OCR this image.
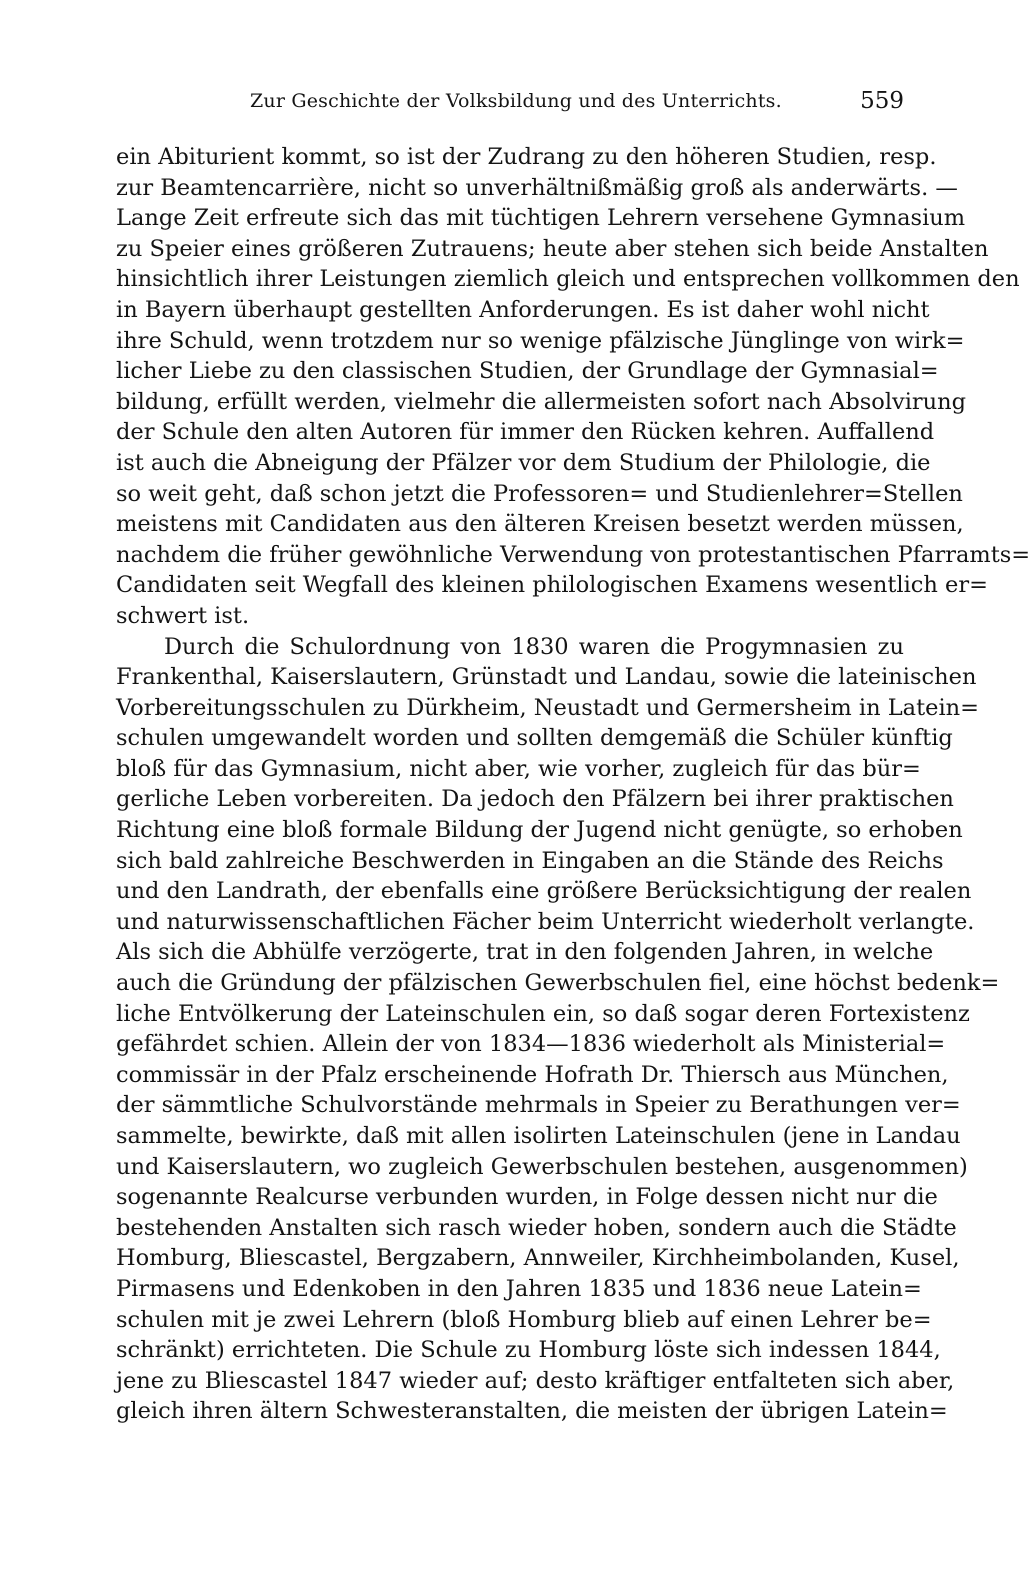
Zur Geschichte der Volksbildung und des Unterrichts.	559
ein Abiturient kommt, so ist der Zudrang zu den höheren Studien, resp.
zur Beamtencarrière, nicht so unverhältnißmäßig groß als anderwärts. —
Lange Zeit erfreute sich das mit tüchtigen Lehrern versehene Gymnasium
zu Speier eines größeren Zutrauens; heute aber stehen sich beide Anstalten
hinsichtlich ihrer Leistungen ziemlich gleich und entsprechen vollkommen den
in Bayern überhaupt gestellten Anforderungen. Es ist daher wohl nicht
ihre Schuld, wenn trotzdem nur so wenige pfälzische Jünglinge von wirk=
licher Liebe zu den classischen Studien, der Grundlage der Gymnasial=
bildung, erfüllt werden, vielmehr die allermeisten sofort nach Absolvirung
der Schule den alten Autoren für immer den Rücken kehren. Auffallend
ist auch die Abneigung der Pfälzer vor dem Studium der Philologie, die
so weit geht, daß schon jetzt die Professoren= und Studienlehrer=Stellen
meistens mit Candidaten aus den älteren Kreisen besetzt werden müssen,
nachdem die früher gewöhnliche Verwendung von protestantischen Pfarramts=
Candidaten seit Wegfall des kleinen philologischen Examens wesentlich er=
schwert ist.
Durch die Schulordnung von 1830 waren die Progymnasien zu
Frankenthal, Kaiserslautern, Grünstadt und Landau, sowie die lateinischen
Vorbereitungsschulen zu Dürkheim, Neustadt und Germersheim in Latein=
schulen umgewandelt worden und sollten demgemäß die Schüler künftig
bloß für das Gymnasium, nicht aber, wie vorher, zugleich für das bür=
gerliche Leben vorbereiten. Da jedoch den Pfälzern bei ihrer praktischen
Richtung eine bloß formale Bildung der Jugend nicht genügte, so erhoben
sich bald zahlreiche Beschwerden in Eingaben an die Stände des Reichs
und den Landrath, der ebenfalls eine größere Berücksichtigung der realen
und naturwissenschaftlichen Fächer beim Unterricht wiederholt verlangte.
Als sich die Abhülfe verzögerte, trat in den folgenden Jahren, in welche
auch die Gründung der pfälzischen Gewerbschulen fiel, eine höchst bedenk=
liche Entvölkerung der Lateinschulen ein, so daß sogar deren Fortexistenz
gefährdet schien. Allein der von 1834—1836 wiederholt als Ministerial=
commissär in der Pfalz erscheinende Hofrath Dr. Thiersch aus München,
der sämmtliche Schulvorstände mehrmals in Speier zu Berathungen ver=
sammelte, bewirkte, daß mit allen isolirten Lateinschulen (jene in Landau
und Kaiserslautern, wo zugleich Gewerbschulen bestehen, ausgenommen)
sogenannte Realcurse verbunden wurden, in Folge dessen nicht nur die
bestehenden Anstalten sich rasch wieder hoben, sondern auch die Städte
Homburg, Bliescastel, Bergzabern, Annweiler, Kirchheimbolanden, Kusel,
Pirmasens und Edenkoben in den Jahren 1835 und 1836 neue Latein=
schulen mit je zwei Lehrern (bloß Homburg blieb auf einen Lehrer be=
schränkt) errichteten. Die Schule zu Homburg löste sich indessen 1844,
jene zu Bliescastel 1847 wieder auf; desto kräftiger entfalteten sich aber,
gleich ihren ältern Schwesteranstalten, die meisten der übrigen Latein=
